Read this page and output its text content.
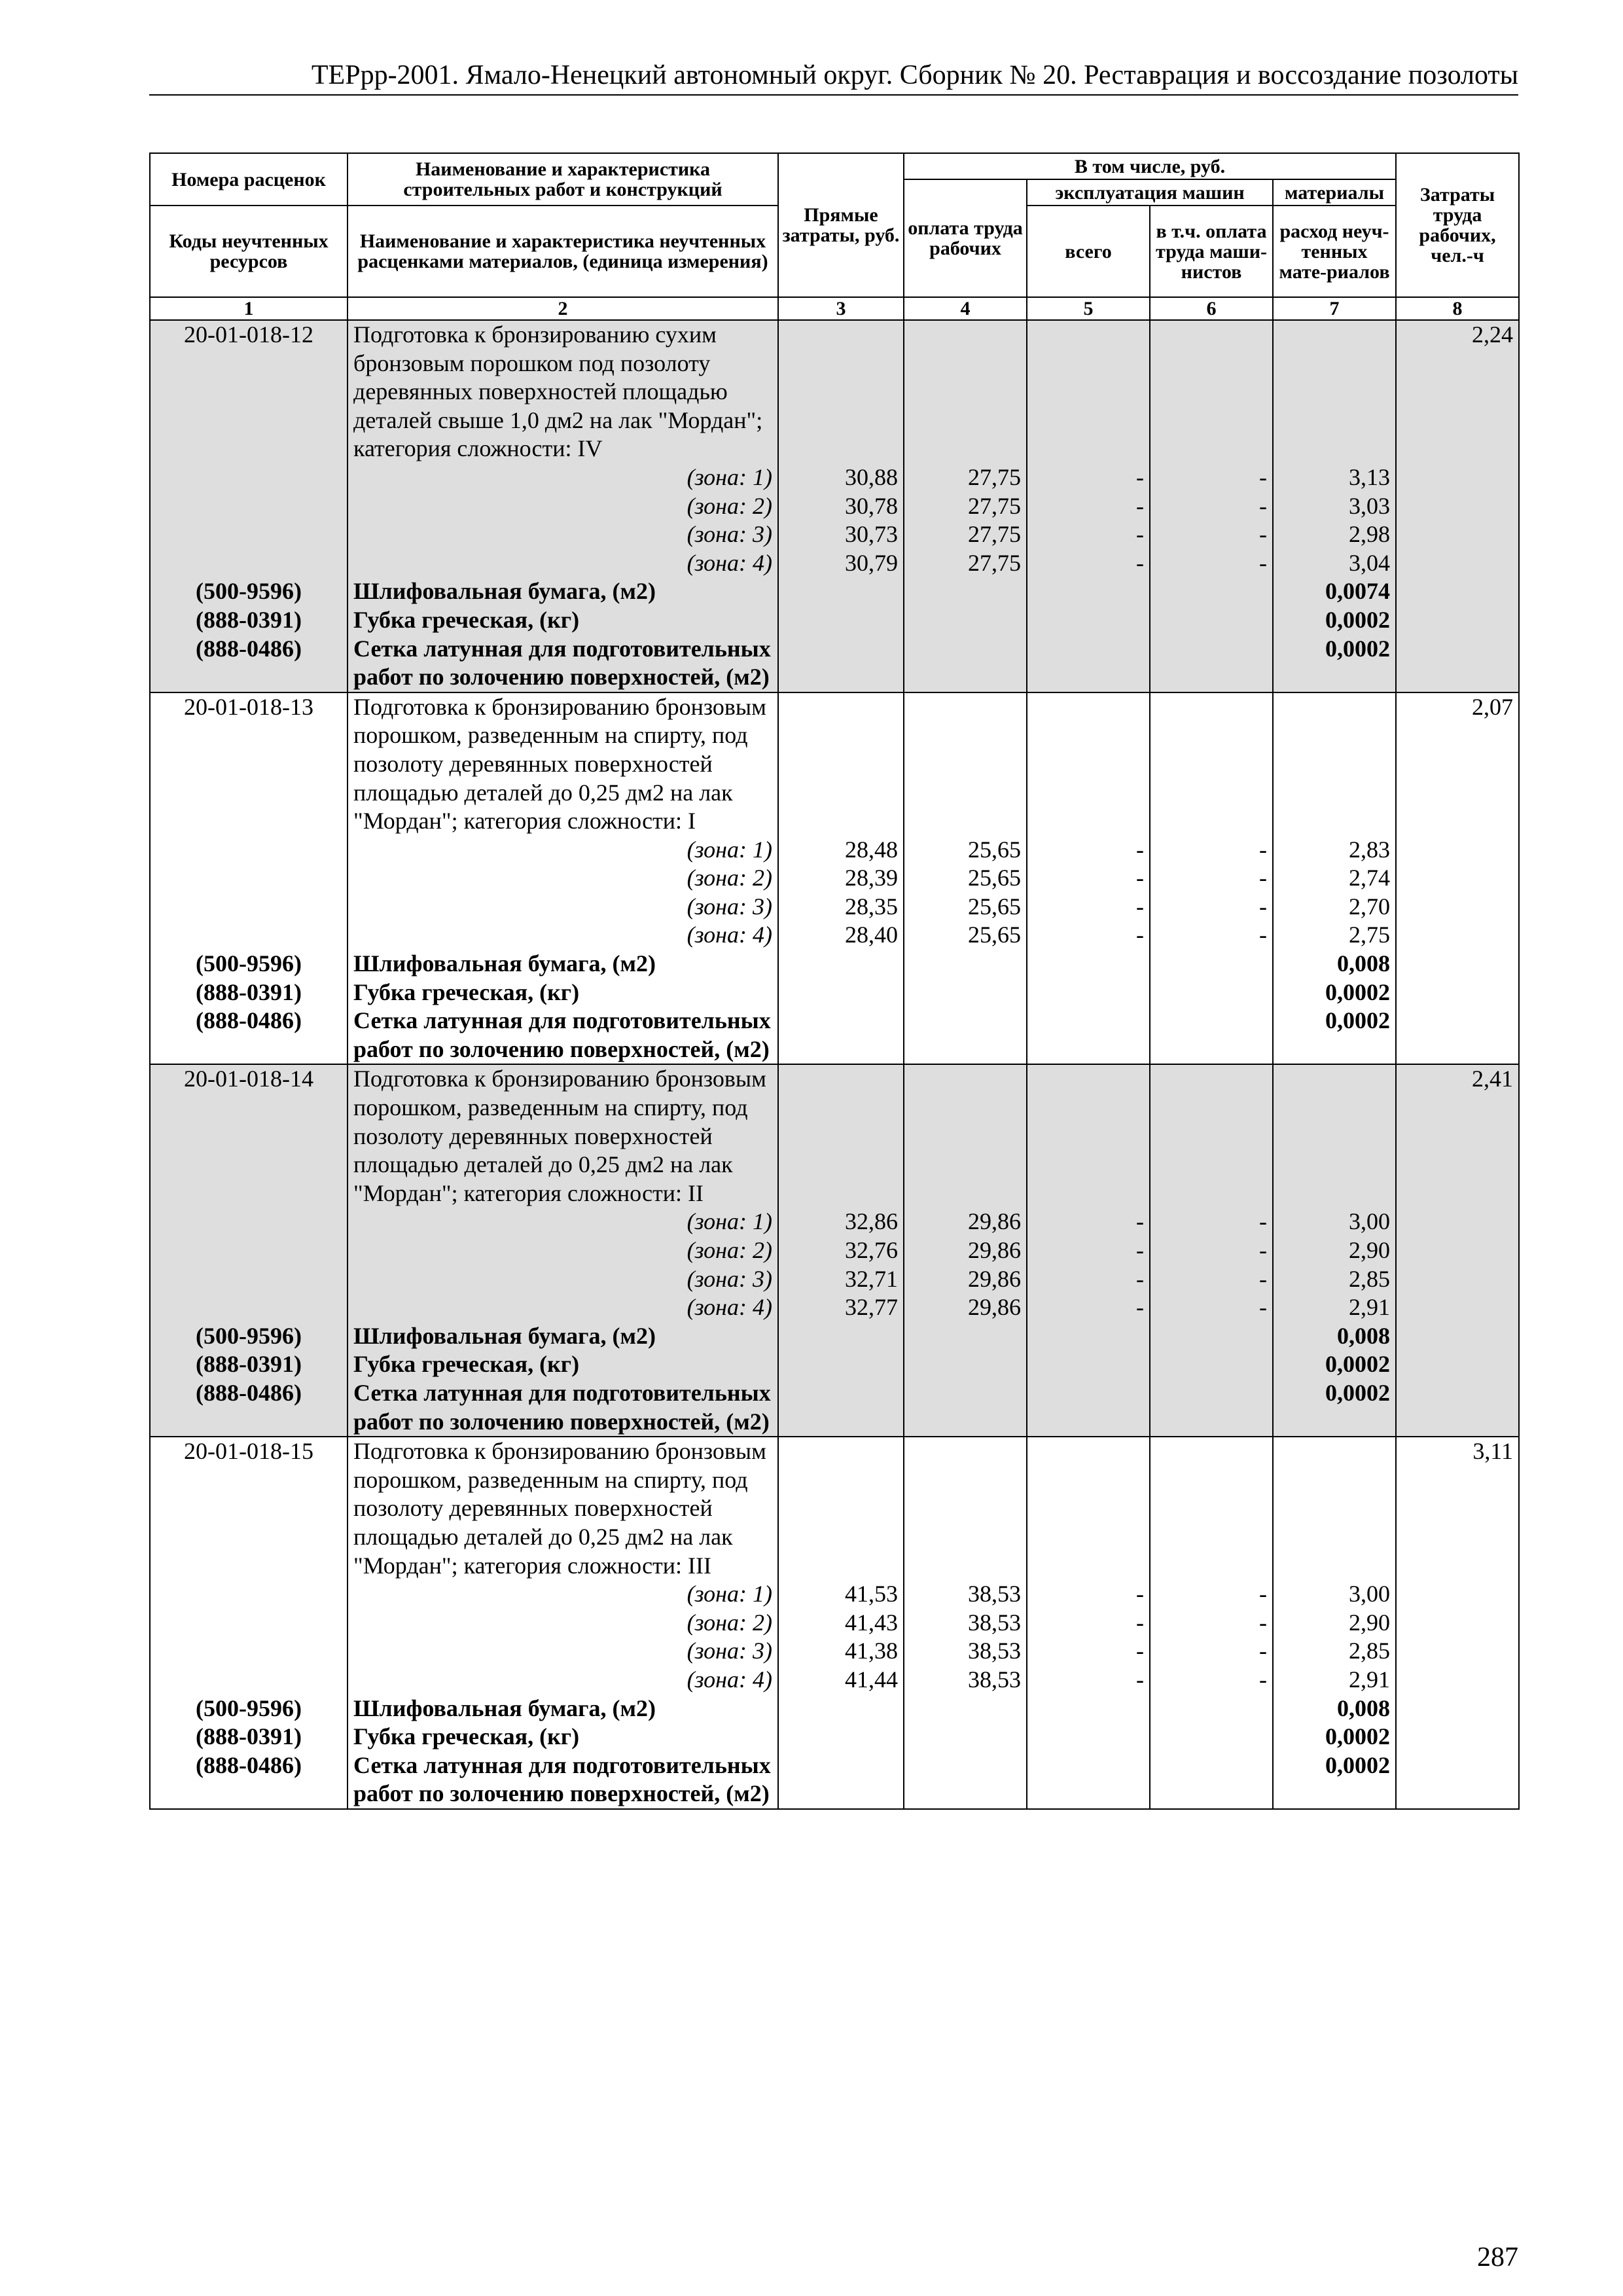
ТЕРрр-2001. Ямало-Ненецкий автономный округ. Сборник № 20. Реставрация и воссоздание позолоты
Номера расценок	Наименование и характеристика строительных работ и конструкций	Прямые затраты, руб.	В том числе, руб.				Затраты труда рабочих, чел.-ч
			оплата труда рабочих	эксплуатация машин		материалы	
Коды неучтенных ресурсов	Наименование и характеристика неучтенных расценками материалов, (единица измерения)			всего	в т.ч. оплата труда маши-нистов	расход неуч-тенных мате-риалов	

1	2	3	4	5	6	7	8
20-01-018-12	Подготовка к бронзированию сухим бронзовым порошком под позолоту деревянных поверхностей площадью деталей свыше 1,0 дм2 на лак "Мордан"; категория сложности: IV						2,24
	(зона: 1)	30,88	27,75	-	-	3,13	
	(зона: 2)	30,78	27,75	-	-	3,03	
	(зона: 3)	30,73	27,75	-	-	2,98	
	(зона: 4)	30,79	27,75	-	-	3,04	
(500-9596)	Шлифовальная бумага, (м2)					0,0074	
(888-0391)	Губка греческая, (кг)					0,0002	
(888-0486)	Сетка латунная для подготовительных работ по золочению поверхностей, (м2)					0,0002	
20-01-018-13	Подготовка к бронзированию бронзовым порошком, разведенным на спирту, под позолоту деревянных поверхностей площадью деталей до 0,25 дм2 на лак "Мордан"; категория сложности: I						2,07
	(зона: 1)	28,48	25,65	-	-	2,83	
	(зона: 2)	28,39	25,65	-	-	2,74	
	(зона: 3)	28,35	25,65	-	-	2,70	
	(зона: 4)	28,40	25,65	-	-	2,75	
(500-9596)	Шлифовальная бумага, (м2)					0,008	
(888-0391)	Губка греческая, (кг)					0,0002	
(888-0486)	Сетка латунная для подготовительных работ по золочению поверхностей, (м2)					0,0002	
20-01-018-14	Подготовка к бронзированию бронзовым порошком, разведенным на спирту, под позолоту деревянных поверхностей площадью деталей до 0,25 дм2 на лак "Мордан"; категория сложности: II						2,41
	(зона: 1)	32,86	29,86	-	-	3,00	
	(зона: 2)	32,76	29,86	-	-	2,90	
	(зона: 3)	32,71	29,86	-	-	2,85	
	(зона: 4)	32,77	29,86	-	-	2,91	
(500-9596)	Шлифовальная бумага, (м2)					0,008	
(888-0391)	Губка греческая, (кг)					0,0002	
(888-0486)	Сетка латунная для подготовительных работ по золочению поверхностей, (м2)					0,0002	
20-01-018-15	Подготовка к бронзированию бронзовым порошком, разведенным на спирту, под позолоту деревянных поверхностей площадью деталей до 0,25 дм2 на лак "Мордан"; категория сложности: III						3,11
	(зона: 1)	41,53	38,53	-	-	3,00	
	(зона: 2)	41,43	38,53	-	-	2,90	
	(зона: 3)	41,38	38,53	-	-	2,85	
	(зона: 4)	41,44	38,53	-	-	2,91	
(500-9596)	Шлифовальная бумага, (м2)					0,008	
(888-0391)	Губка греческая, (кг)					0,0002	
(888-0486)	Сетка латунная для подготовительных работ по золочению поверхностей, (м2)					0,0002	
287
